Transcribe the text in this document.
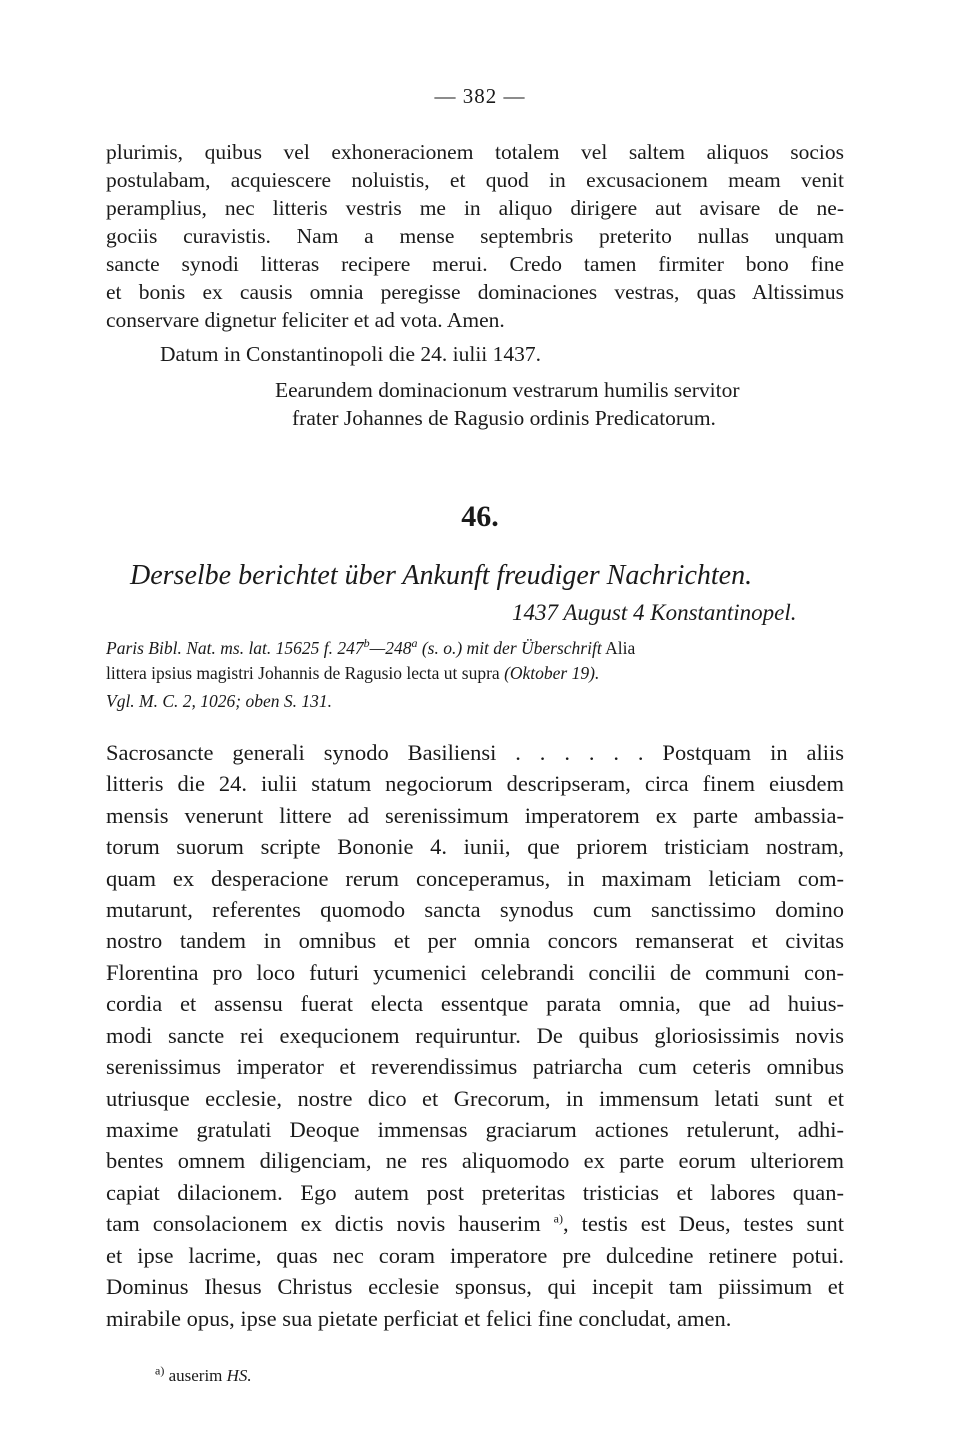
— 382 —
plurimis, quibus vel exhoneracionem totalem vel saltem aliquos socios
postulabam, acquiescere noluistis, et quod in excusacionem meam venit
peramplius, nec litteris vestris me in aliquo dirigere aut avisare de ne-
gociis curavistis. Nam a mense septembris preterito nullas unquam
sancte synodi litteras recipere merui. Credo tamen firmiter bono fine
et bonis ex causis omnia peregisse dominaciones vestras, quas Altissimus
conservare dignetur feliciter et ad vota. Amen.
Datum in Constantinopoli die 24. iulii 1437.
Eearundem dominacionum vestrarum humilis servitor
frater Johannes de Ragusio ordinis Predicatorum.
46.
Derselbe berichtet über Ankunft freudiger Nachrichten.
1437 August 4 Konstantinopel.
Paris Bibl. Nat. ms. lat. 15625 f. 247$^b$—248$^a$ (s. o.) mit der Überschrift Alia
littera ipsius magistri Johannis de Ragusio lecta ut supra (Oktober 19).
Vgl. M. C. 2, 1026; oben S. 131.
Sacrosancte generali synodo Basiliensi . . . . . . Postquam in aliis
litteris die 24. iulii statum negociorum descripseram, circa finem eiusdem
mensis venerunt littere ad serenissimum imperatorem ex parte ambassia-
torum suorum scripte Bononie 4. iunii, que priorem tristiciam nostram,
quam ex desperacione rerum conceperamus, in maximam leticiam com-
mutarunt, referentes quomodo sancta synodus cum sanctissimo domino
nostro tandem in omnibus et per omnia concors remanserat et civitas
Florentina pro loco futuri ycumenici celebrandi concilii de communi con-
cordia et assensu fuerat electa essentque parata omnia, que ad huius-
modi sancte rei exequcionem requiruntur. De quibus gloriosissimis novis
serenissimus imperator et reverendissimus patriarcha cum ceteris omnibus
utriusque ecclesie, nostre dico et Grecorum, in immensum letati sunt et
maxime gratulati Deoque immensas graciarum actiones retulerunt, adhi-
bentes omnem diligenciam, ne res aliquomodo ex parte eorum ulteriorem
capiat dilacionem. Ego autem post preteritas tristicias et labores quan-
tam consolacionem ex dictis novis hauserim $^{a)}$, testis est Deus, testes sunt
et ipse lacrime, quas nec coram imperatore pre dulcedine retinere potui.
Dominus Ihesus Christus ecclesie sponsus, qui incepit tam piissimum et
mirabile opus, ipse sua pietate perficiat et felici fine concludat, amen.
$^{a)}$ auserim HS.
